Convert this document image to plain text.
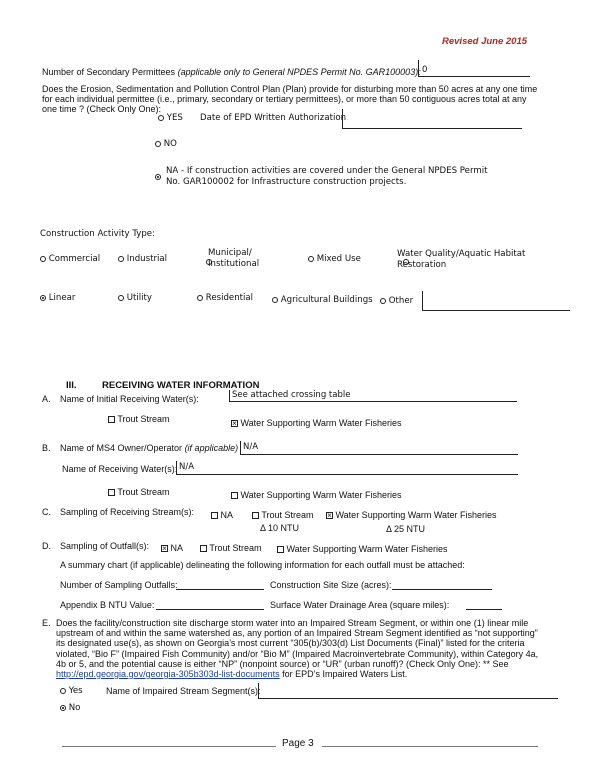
Revised June 2015
Number of Secondary Permittees (applicable only to General NPDES Permit No. GAR100003): 0
Does the Erosion, Sedimentation and Pollution Control Plan (Plan) provide for disturbing more than 50 acres at any one time for each individual permittee (i.e., primary, secondary or tertiary permittees), or more than 50 contiguous acres total at any one time ? (Check Only One):
YES Date of EPD Written Authorization
NO

NA - If construction activities are covered under the General NPDES Permit No. GAR100002 for Infrastructure construction projects.
Construction Activity Type:
Commercial	Industrial

Municipal/ Institutional	Mixed Use	Water Quality/Aquatic Habitat Restoration
Linear	Utility	Residential	Agricultural Buildings	Other
III.	RECEIVING WATER INFORMATION
A. Name of Initial Receiving Water(s):	See attached crossing table
Trout Stream	× Water Supporting Warm Water Fisheries
B. Name of MS4 Owner/Operator (if applicable) N/A
Name of Receiving Water(s): N/A
Trout Stream	Water Supporting Warm Water Fisheries
C. Sampling of Receiving Stream(s):	NA	Trout Stream × Water Supporting Warm Water Fisheries
Δ 10 NTU	Δ 25 NTU
D. Sampling of Outfall(s): × NA	Trout Stream	Water Supporting Warm Water Fisheries
A summary chart (if applicable) delineating the following information for each outfall must be attached:
Number of Sampling Outfalls:	Construction Site Size (acres):
Appendix B NTU Value:	Surface Water Drainage Area (square miles):
E. Does the facility/construction site discharge storm water into an Impaired Stream Segment, or within one (1) linear mile upstream of and within the same watershed as, any portion of an Impaired Stream Segment identified as “not supporting” its designated use(s), as shown on Georgia’s most current “305(b)/303(d) List Documents (Final)” listed for the criteria violated, “Bio F” (Impaired Fish Community) and/or “Bio M” (Impaired Macroinvertebrate Community), within Category 4a, 4b or 5, and the potential cause is either “NP” (nonpoint source) or “UR” (urban runoff)? (Check Only One): ** See http://epd.georgia.gov/georgia-305b303d-list-documents for EPD’s Impaired Waters List.
Yes	Name of Impaired Stream Segment(s):
No
Page 3
